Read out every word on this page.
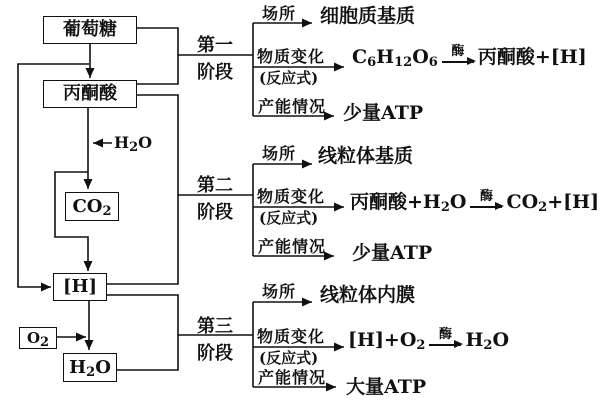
葡萄糖
丙酮酸
$CO_2$
[H]
$O_2$
$H_2O$
$H_2O$
第一
阶段
第二
阶段
第三
阶段
场所 细胞质基质
物质变化
(反应式)
$C_6H_{12}O_6$
酶 丙酮酸+[H]
产能情况 少量ATP
场所 线粒体基质
物质变化
(反应式)
丙酮酸$+H_2O$ 酶 $CO_2+[H]$
产能情况 少量ATP
场所 线粒体内膜
物质变化
(反应式)
$[H]+O_2$
酶 $H_2O$
产能情况 大量ATP
